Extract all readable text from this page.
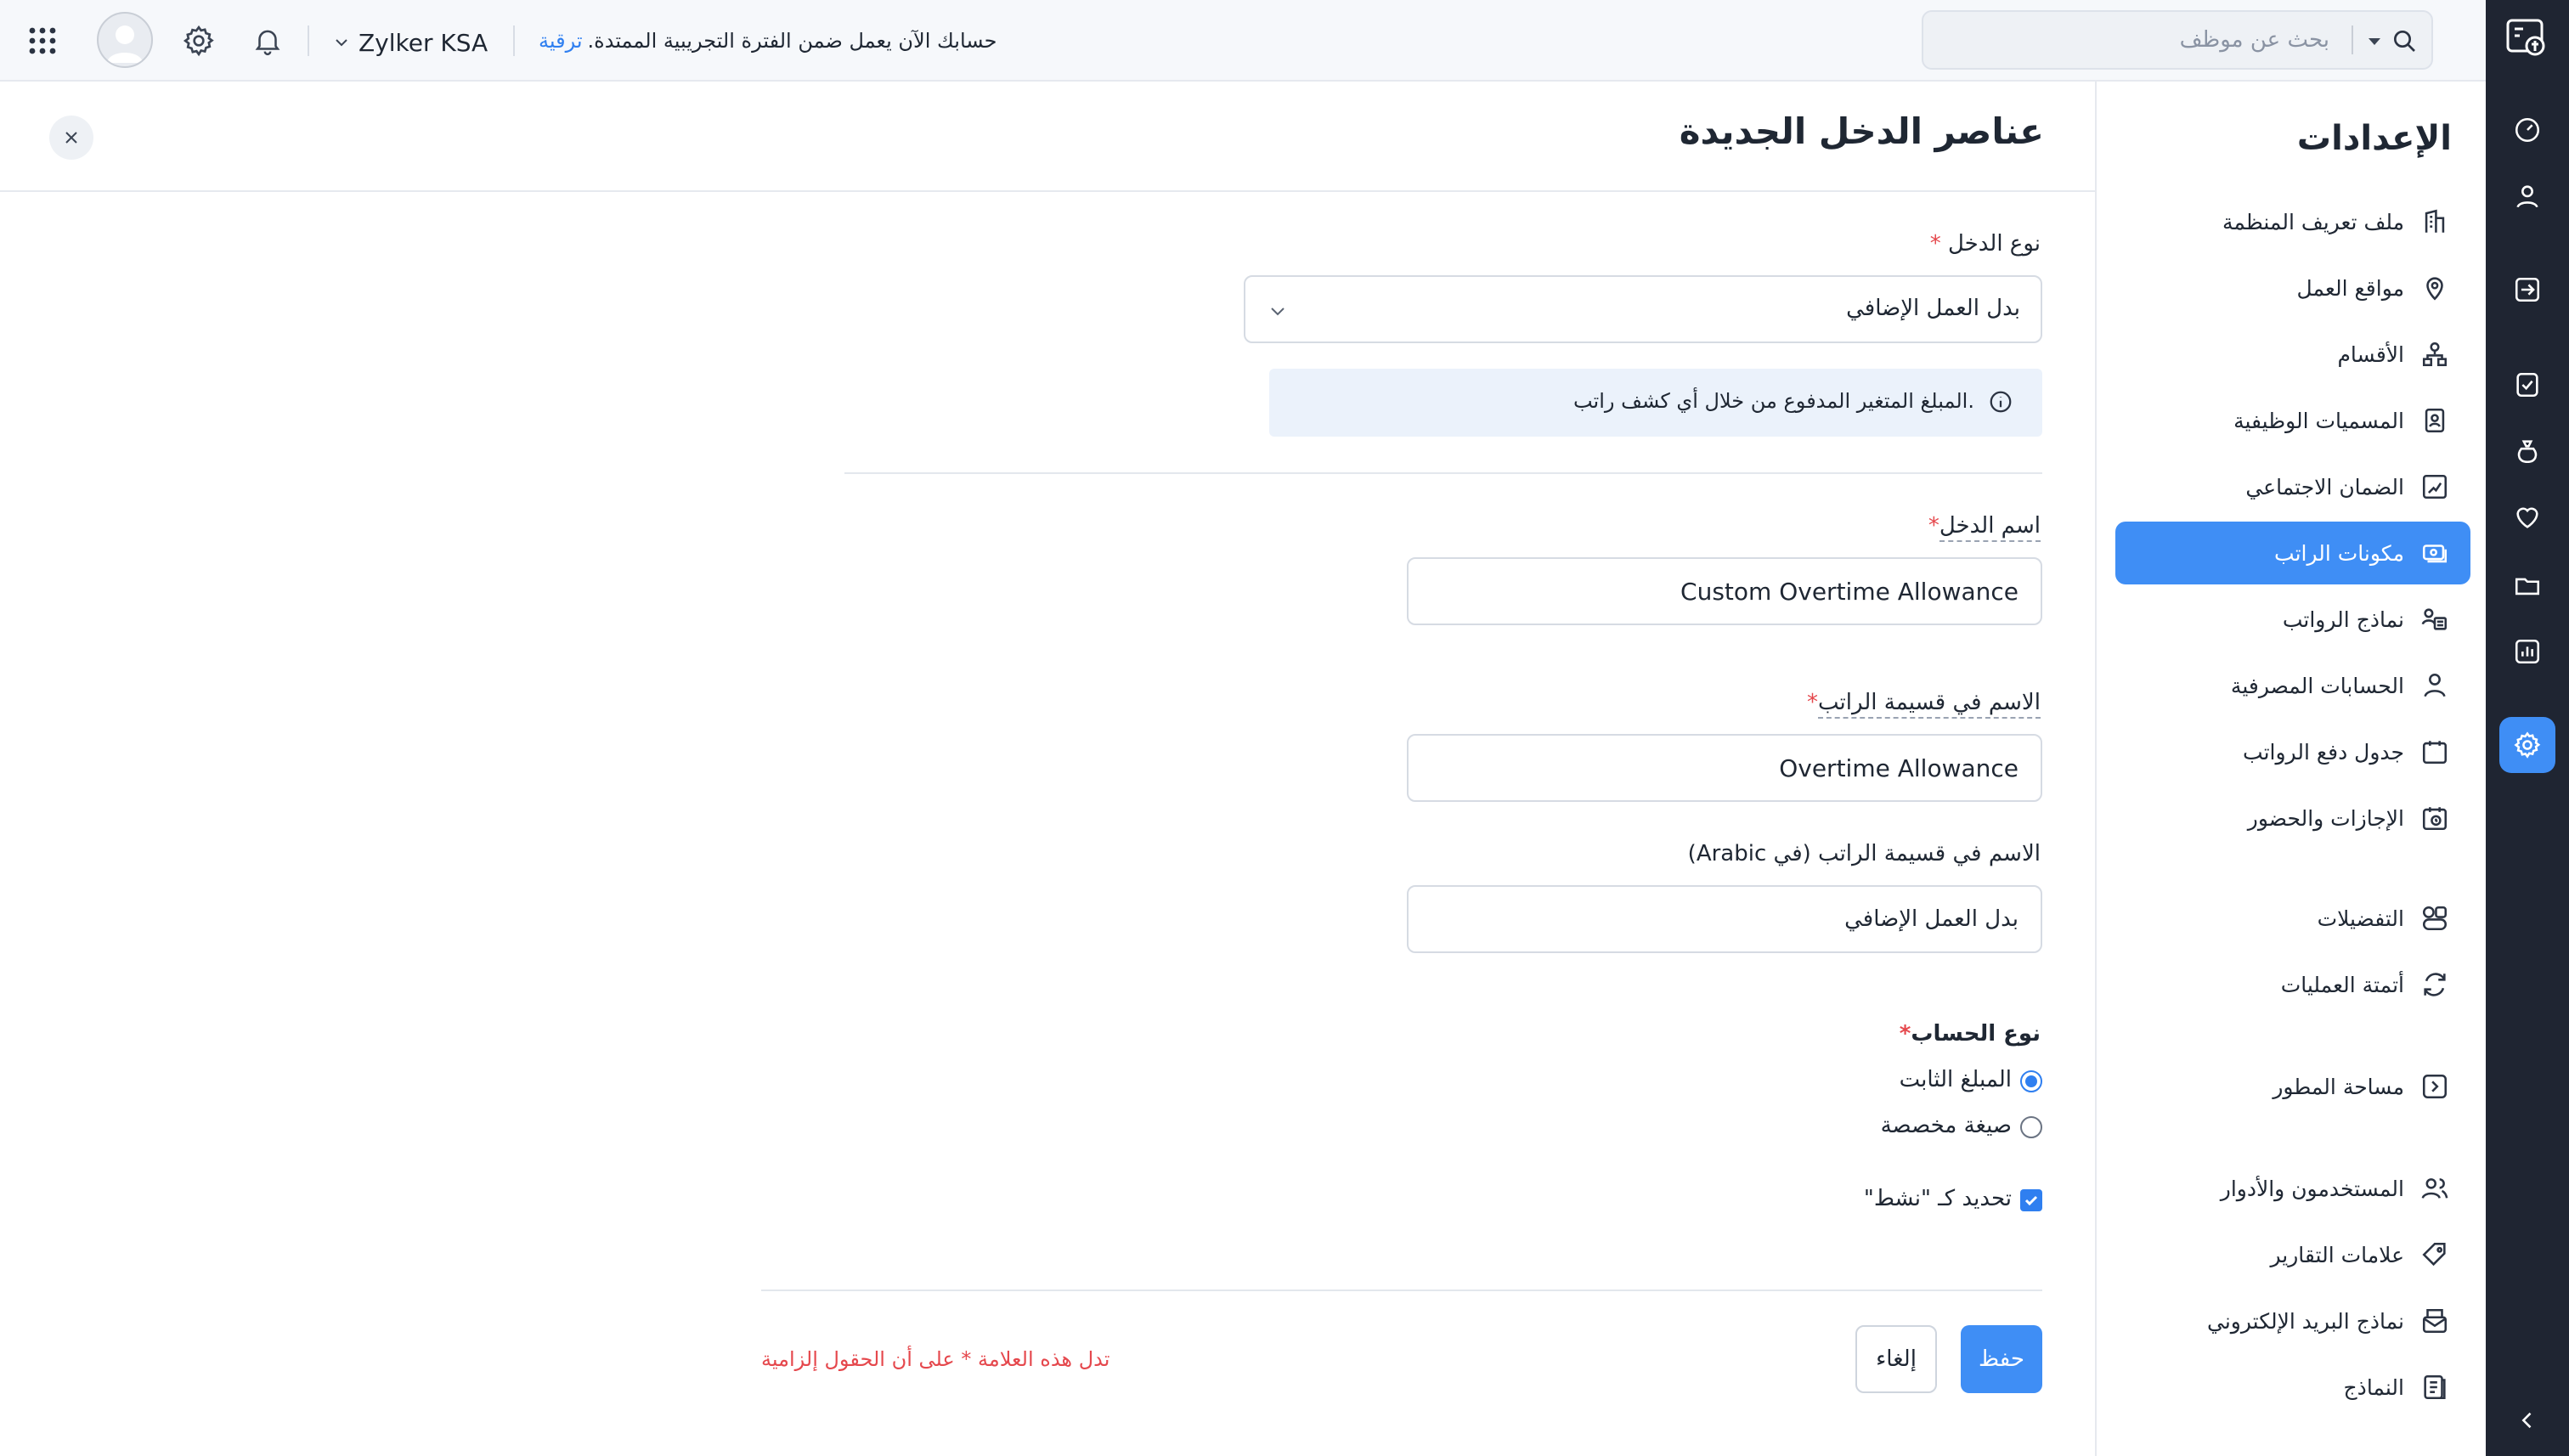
Zylker KSA	حسابك الآن يعمل ضمن الفترة التجريبية الممتدة.
ترقية
بحث عن موظف
الإعدادات
ملف تعريف المنظمة
مواقع العمل
الأقسام
المسميات الوظيفية
الضمان الاجتماعي
مكونات الراتب
نماذج الرواتب
الحسابات المصرفية
جدول دفع الرواتب
الإجازات والحضور
التفضيلات
أتمتة العمليات
مساحة المطور
المستخدمون والأدوار
علامات التقارير
نماذج البريد الإلكتروني
النماذج
عناصر الدخل الجديدة
* نوع الدخل
بدل العمل الإضافي
المبلغ المتغير المدفوع من خلال أي كشف راتب.
*اسم الدخل
Custom Overtime Allowance
*الاسم في قسيمة الراتب
Overtime Allowance
الاسم في قسيمة الراتب (في Arabic)
بدل العمل الإضافي
*نوع الحساب
المبلغ الثابت
صيغة مخصصة
تحديد كـ "نشط"
حفظ
إلغاء
تدل هذه العلامة * على أن الحقول إلزامية
